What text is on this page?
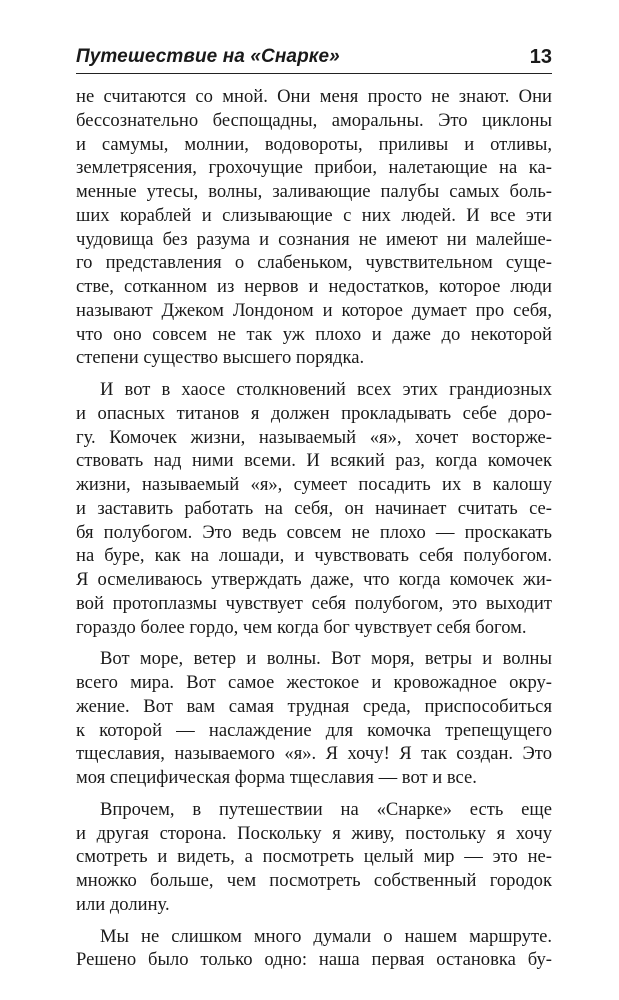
Путешествие на «Снарке»	13
не считаются со мной. Они меня просто не знают. Они
бессознательно беспощадны, аморальны. Это циклоны
и самумы, молнии, водовороты, приливы и отливы,
землетрясения, грохочущие прибои, налетающие на ка-
менные утесы, волны, заливающие палубы самых боль-
ших кораблей и слизывающие с них людей. И все эти
чудовища без разума и сознания не имеют ни малейше-
го представления о слабеньком, чувствительном суще-
стве, сотканном из нервов и недостатков, которое люди
называют Джеком Лондоном и которое думает про себя,
что оно совсем не так уж плохо и даже до некоторой
степени существо высшего порядка.
И вот в хаосе столкновений всех этих грандиозных
и опасных титанов я должен прокладывать себе доро-
гу. Комочек жизни, называемый «я», хочет восторже-
ствовать над ними всеми. И всякий раз, когда комочек
жизни, называемый «я», сумеет посадить их в калошу
и заставить работать на себя, он начинает считать се-
бя полубогом. Это ведь совсем не плохо — проскакать
на буре, как на лошади, и чувствовать себя полубогом.
Я осмеливаюсь утверждать даже, что когда комочек жи-
вой протоплазмы чувствует себя полубогом, это выходит
гораздо более гордо, чем когда бог чувствует себя богом.
Вот море, ветер и волны. Вот моря, ветры и волны
всего мира. Вот самое жестокое и кровожадное окру-
жение. Вот вам самая трудная среда, приспособиться
к которой — наслаждение для комочка трепещущего
тщеславия, называемого «я». Я хочу! Я так создан. Это
моя специфическая форма тщеславия — вот и все.
Впрочем, в путешествии на «Снарке» есть еще
и другая сторона. Поскольку я живу, постольку я хочу
смотреть и видеть, а посмотреть целый мир — это не-
множко больше, чем посмотреть собственный городок
или долину.
Мы не слишком много думали о нашем маршруте.
Решено было только одно: наша первая остановка бу-
